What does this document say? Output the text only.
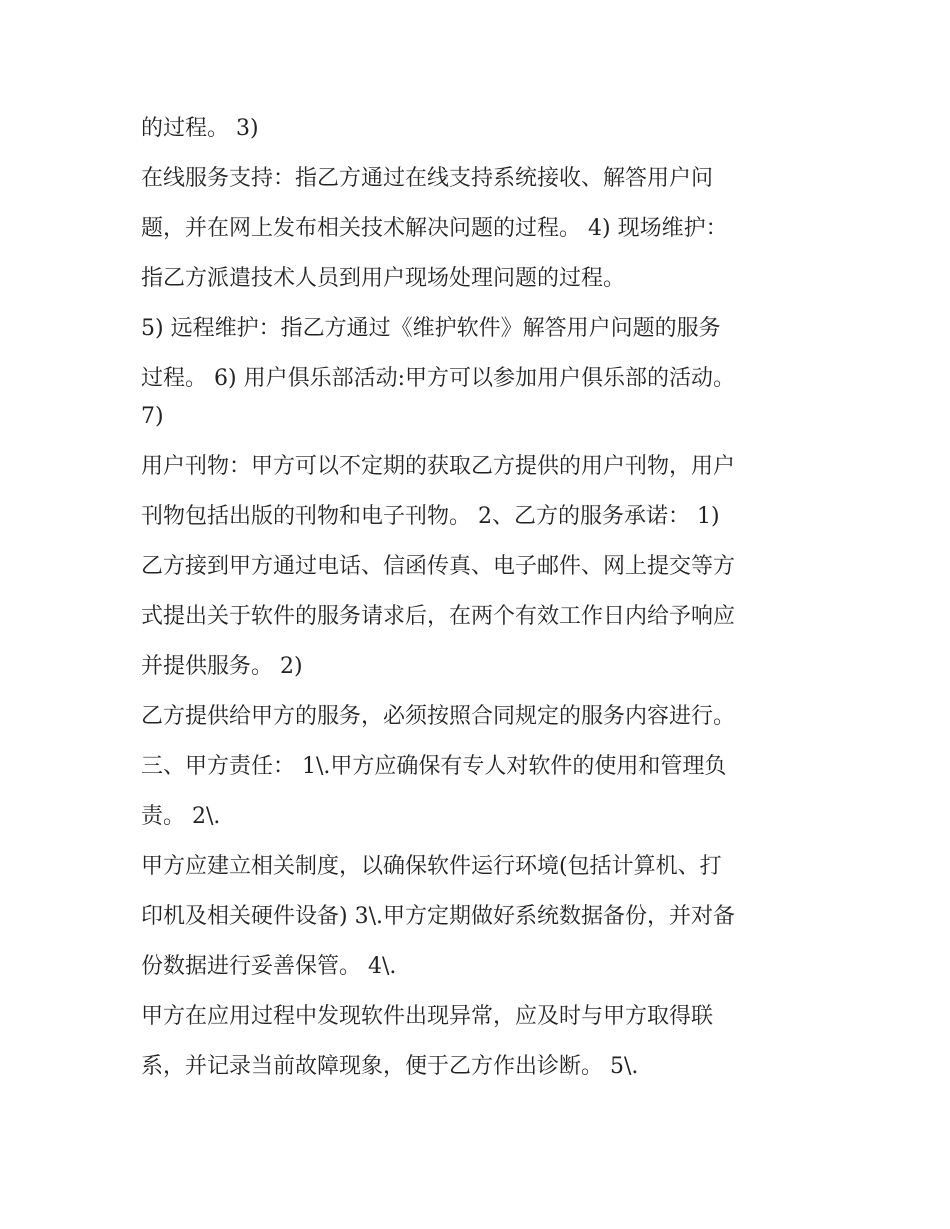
的过程。 3)

在线服务支持：指乙方通过在线支持系统接收、解答用户问

题，并在网上发布相关技术解决问题的过程。 4) 现场维护：

指乙方派遣技术人员到用户现场处理问题的过程。

5) 远程维护：指乙方通过《维护软件》解答用户问题的服务

过程。 6) 用户俱乐部活动:甲方可以参加用户俱乐部的活动。

7)

用户刊物：甲方可以不定期的获取乙方提供的用户刊物，用户

刊物包括出版的刊物和电子刊物。 2、乙方的服务承诺： 1)

乙方接到甲方通过电话、信函传真、电子邮件、网上提交等方

式提出关于软件的服务请求后，在两个有效工作日内给予响应

并提供服务。 2)

乙方提供给甲方的服务，必须按照合同规定的服务内容进行。

三、甲方责任： 1\.甲方应确保有专人对软件的使用和管理负

责。 2\.

甲方应建立相关制度，以确保软件运行环境(包括计算机、打

印机及相关硬件设备) 3\.甲方定期做好系统数据备份，并对备

份数据进行妥善保管。 4\.

甲方在应用过程中发现软件出现异常，应及时与甲方取得联

系，并记录当前故障现象，便于乙方作出诊断。 5\.
